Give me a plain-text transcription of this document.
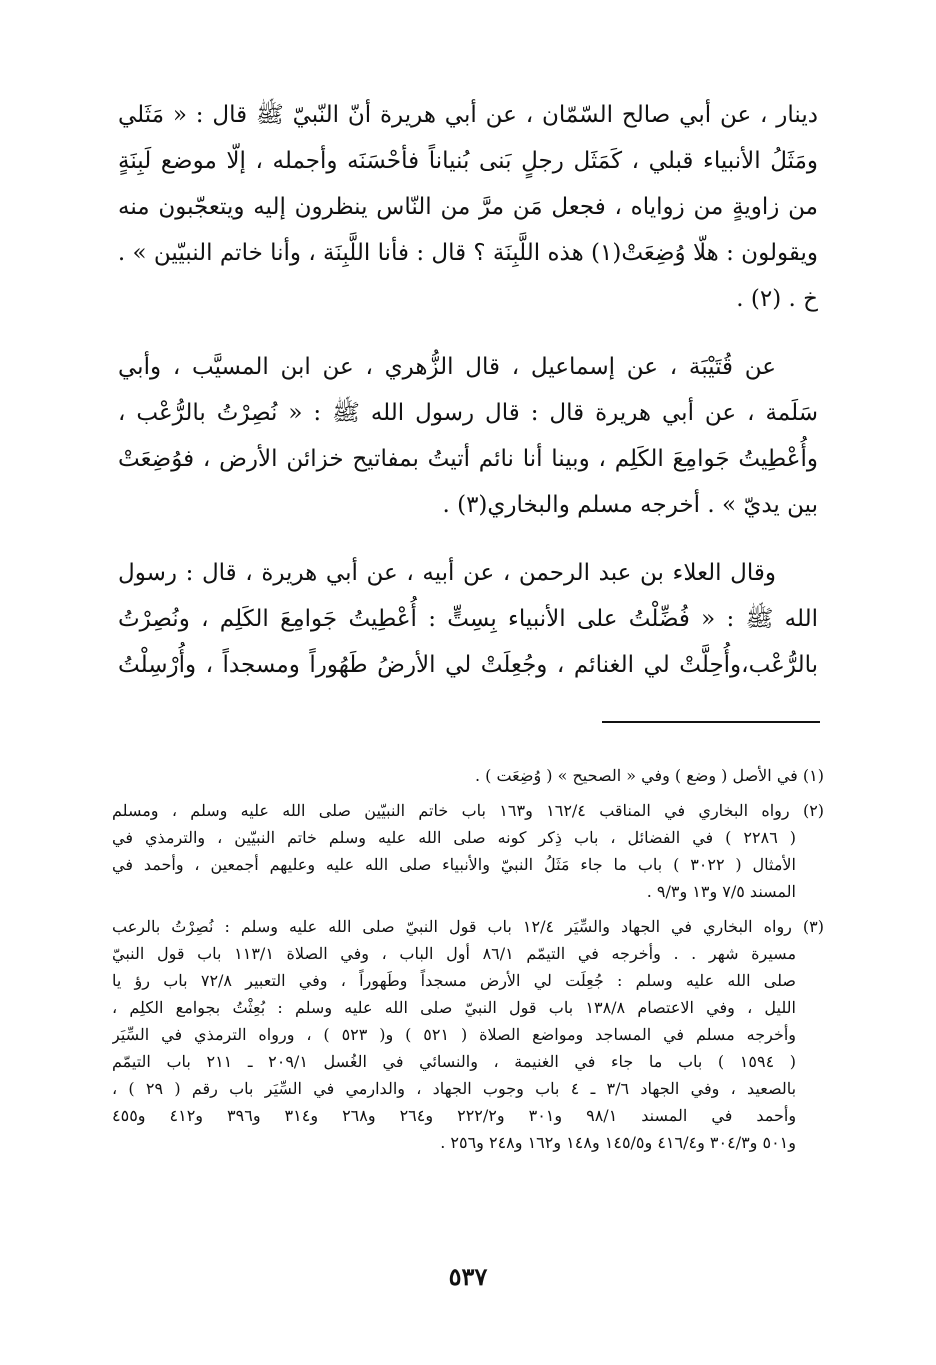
دينار ، عن أبي صالح السّمّان ، عن أبي هريرة أنّ النّبيّ ﷺ قال : « مَثَلي
ومَثَلُ الأنبياء قبلي ، كَمَثَل رجلٍ بَنى بُنياناً فأحْسَنَه وأجمله ، إلّا موضع لَبِنَةٍ
من زاويةٍ من زواياه ، فجعل مَن مرَّ من النّاس ينظرون إليه ويتعجّبون منه
ويقولون : هلّا وُضِعَتْ(١) هذه اللَّبِنَة ؟ قال : فأنا اللَّبِنَة ، وأنا خاتم النبيّين » .
خ . (٢) .
عن قُتَيْبَة ، عن إسماعيل ، قال الزُّهري ، عن ابن المسيَّب ، وأبي
سَلَمة ، عن أبي هريرة قال : قال رسول الله ﷺ : « نُصِرْتُ بالرُّعْب ،
وأُعْطِيتُ جَوامِعَ الكَلِم ، وبينا أنا نائم أتيتُ بمفاتيح خزائن الأرض ، فوُضِعَتْ
بين يديّ » . أخرجه مسلم والبخاري(٣) .
وقال العلاء بن عبد الرحمن ، عن أبيه ، عن أبي هريرة ، قال : رسول
الله ﷺ : « فُضِّلْتُ على الأنبياء بِسِتٍّ : أُعْطِيتُ جَوامِعَ الكَلِم ، ونُصِرْتُ
بالرُّعْب،وأُحِلَّتْ لي الغنائم ، وجُعِلَتْ لي الأرضُ طَهُوراً ومسجداً ، وأُرْسِلْتُ
(١) في الأصل ( وضع ) وفي « الصحيح » ( وُضِعَت ) .
(٢) رواه البخاري في المناقب ١٦٢/٤ و١٦٣ باب خاتم النبيّين صلى الله عليه وسلم ، ومسلم
( ٢٢٨٦ ) في الفضائل ، باب ذِكر كونه صلى الله عليه وسلم خاتم النبيّين ، والترمذي في
الأمثال ( ٣٠٢٢ ) باب ما جاء مَثَلُ النبيّ والأنبياء صلى الله عليه وعليهم أجمعين ، وأحمد في
المسند ٧/٥ و١٣ و٩/٣ .
(٣) رواه البخاري في الجهاد والسِّيَر ١٢/٤ باب قول النبيّ صلى الله عليه وسلم : نُصِرْتُ بالرعب
مسيرة شهر . . وأخرجه في التيمّم ٨٦/١ أول الباب ، وفي الصلاة ١١٣/١ باب قول النبيّ
صلى الله عليه وسلم : جُعِلَت لي الأرض مسجداً وطَهوراً ، وفي التعبير ٧٢/٨ باب رؤ يا
الليل ، وفي الاعتصام ١٣٨/٨ باب قول النبيّ صلى الله عليه وسلم : بُعِثْتُ بجوامع الكلِم ،
وأخرجه مسلم في المساجد ومواضع الصلاة ( ٥٢١ ) و( ٥٢٣ ) ، ورواه الترمذي في السِّيَر
( ١٥٩٤ ) باب ما جاء في الغنيمة ، والنسائي في الغُسل ٢٠٩/١ ـ ٢١١ باب التيمّم
بالصعيد ، وفي الجهاد ٣/٦ ـ ٤ باب وجوب الجهاد ، والدارمي في السِّيَر باب رقم ( ٢٩ ) ،
وأحمد في المسند ٩٨/١ و٣٠١ و٢٢٢/٢ و٢٦٤ و٢٦٨ و٣١٤ و٣٩٦ و٤١٢ و٤٥٥
و٥٠١ و٣٠٤/٣ و٤١٦/٤ و١٤٥/٥ و١٤٨ و١٦٢ و٢٤٨ و٢٥٦ .
٥٣٧
